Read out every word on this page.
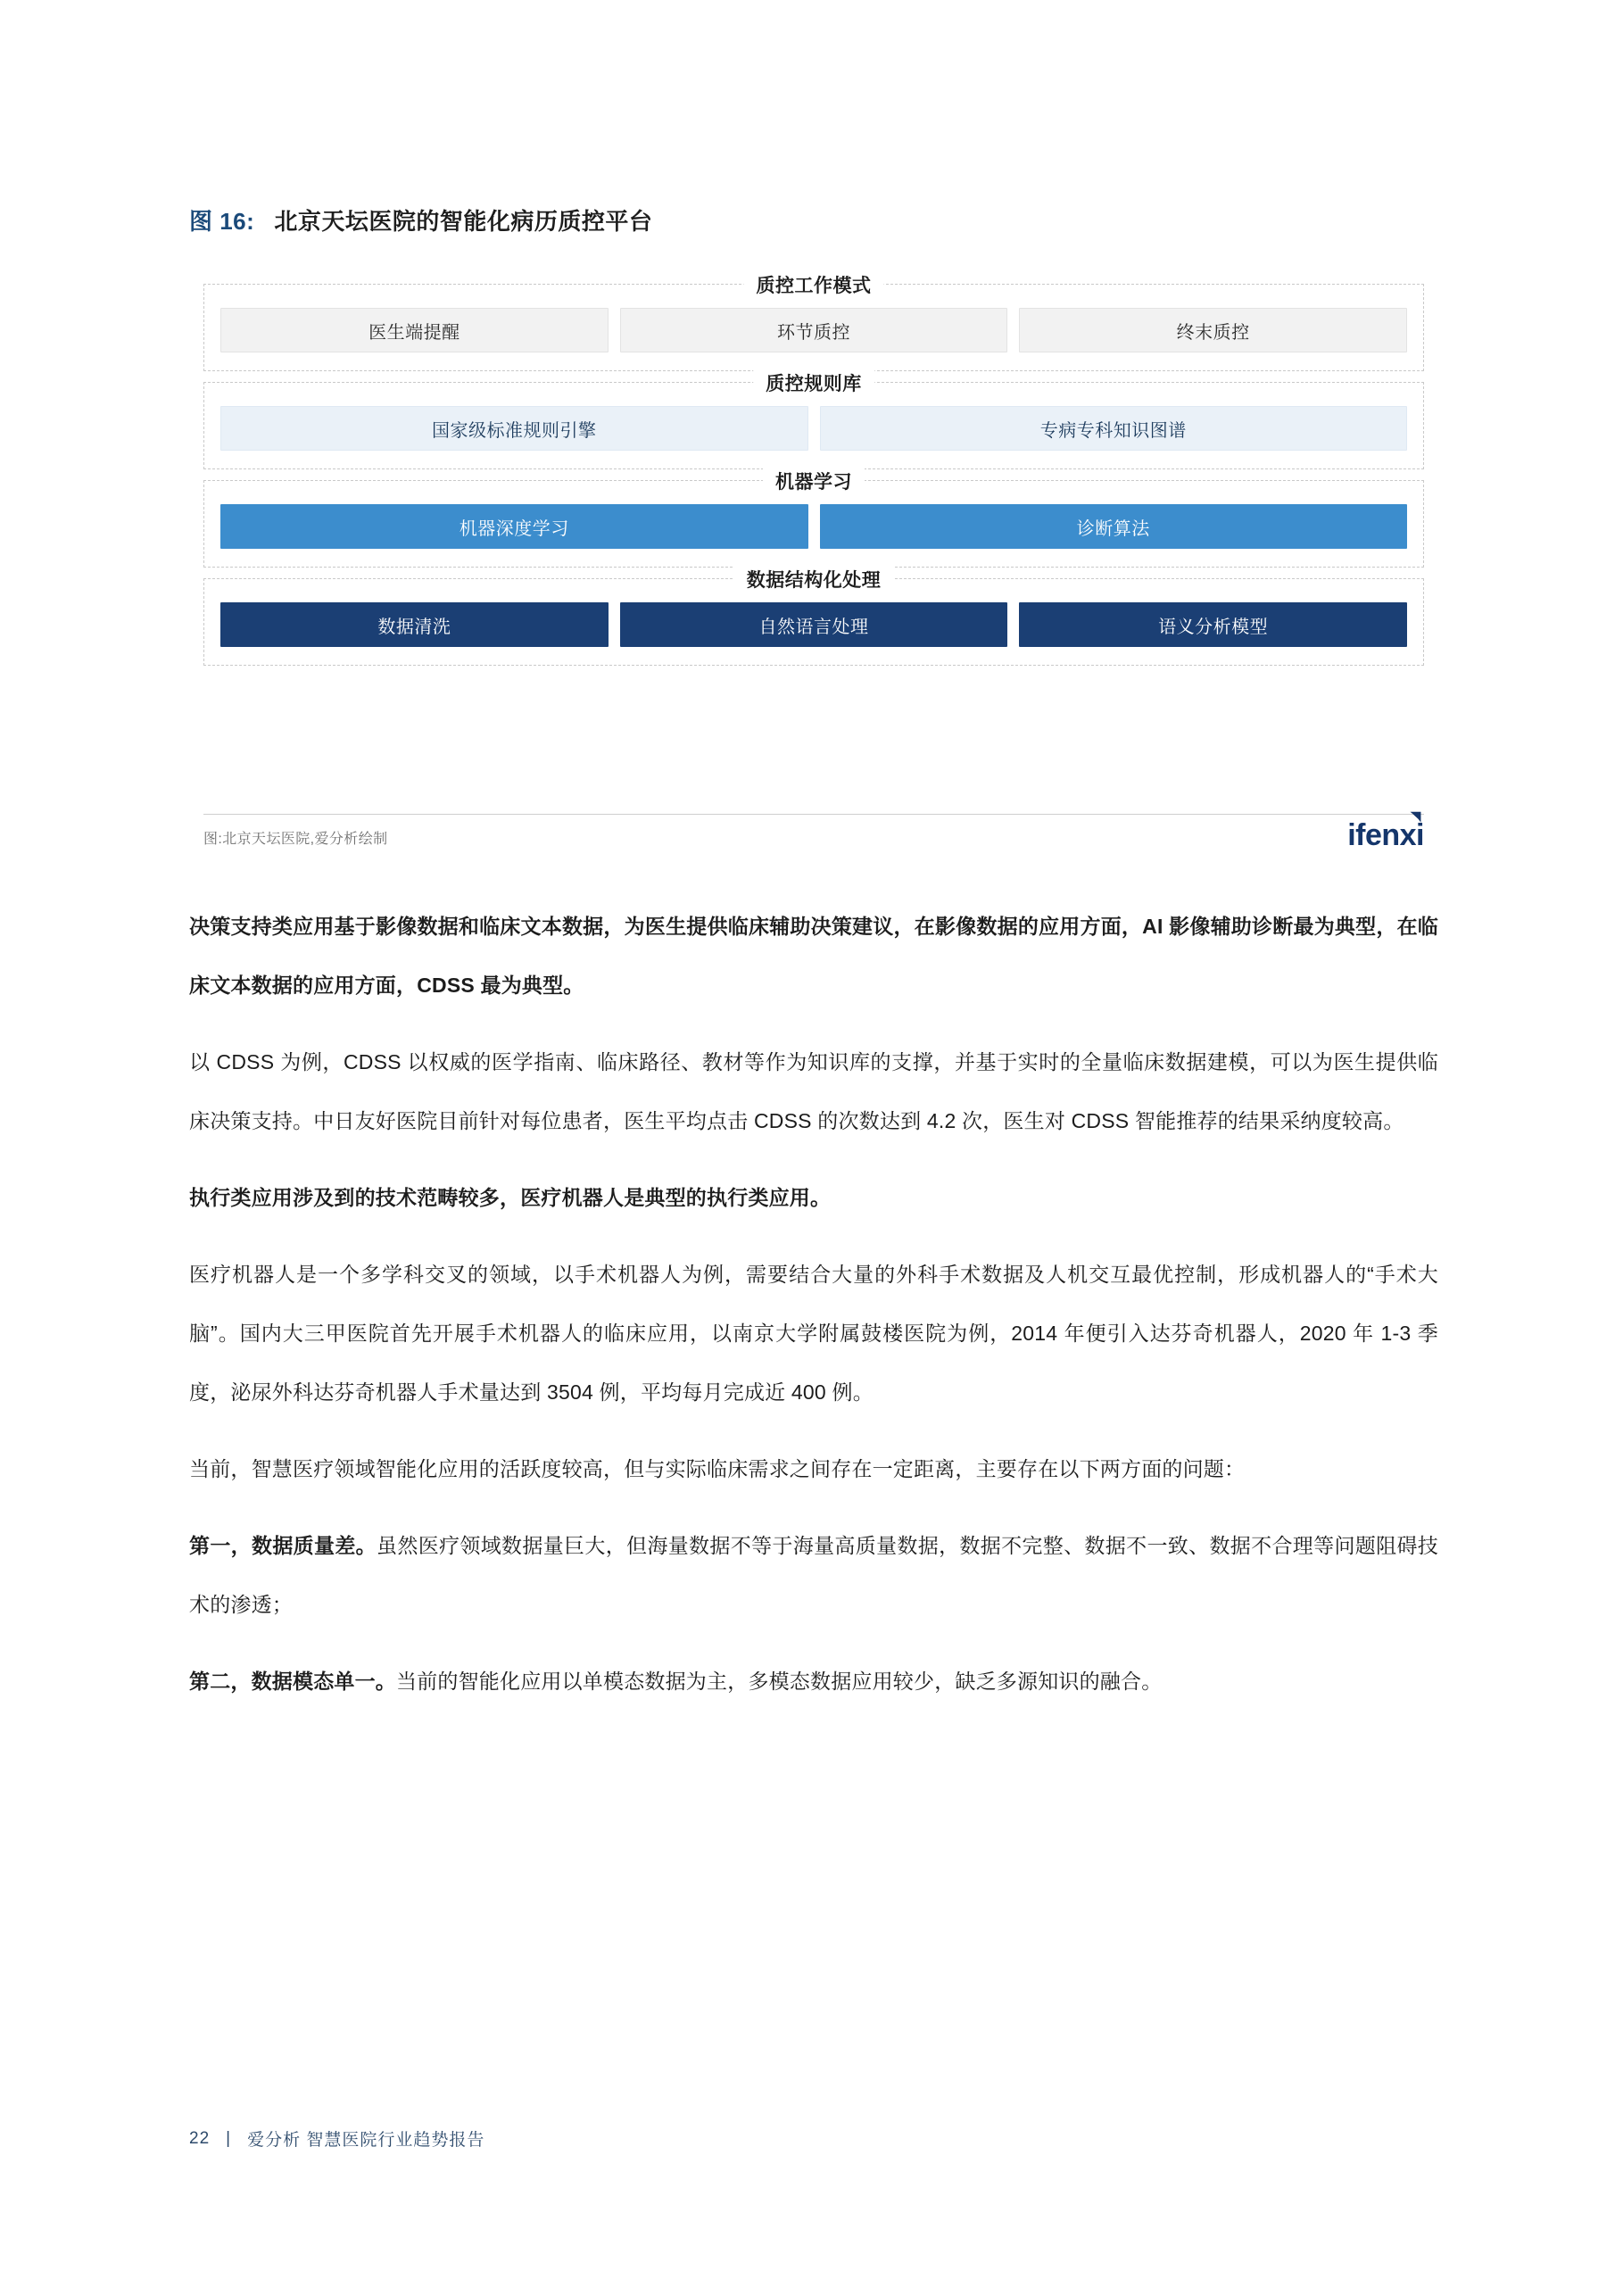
图 16: 北京天坛医院的智能化病历质控平台
质控工作模式
医生端提醒	环节质控	终末质控
质控规则库
国家级标准规则引擎	专病专科知识图谱
机器学习
机器深度学习	诊断算法
数据结构化处理
数据清洗	自然语言处理	语义分析模型
图:北京天坛医院,爱分析绘制	ifenxi

决策支持类应用基于影像数据和临床文本数据，为医生提供临床辅助决策建议，在影像数据的应用方面，AI 影像辅助诊断最为典型，在临床文本数据的应用方面，CDSS 最为典型。

以 CDSS 为例，CDSS 以权威的医学指南、临床路径、教材等作为知识库的支撑，并基于实时的全量临床数据建模，可以为医生提供临床决策支持。中日友好医院目前针对每位患者，医生平均点击 CDSS 的次数达到 4.2 次，医生对 CDSS 智能推荐的结果采纳度较高。

执行类应用涉及到的技术范畴较多，医疗机器人是典型的执行类应用。

医疗机器人是一个多学科交叉的领域，以手术机器人为例，需要结合大量的外科手术数据及人机交互最优控制，形成机器人的“手术大脑”。国内大三甲医院首先开展手术机器人的临床应用，以南京大学附属鼓楼医院为例，2014 年便引入达芬奇机器人，2020 年 1-3 季度，泌尿外科达芬奇机器人手术量达到 3504 例，平均每月完成近 400 例。

当前，智慧医疗领域智能化应用的活跃度较高，但与实际临床需求之间存在一定距离，主要存在以下两方面的问题：

第一，数据质量差。虽然医疗领域数据量巨大，但海量数据不等于海量高质量数据，数据不完整、数据不一致、数据不合理等问题阻碍技术的渗透；

第二，数据模态单一。当前的智能化应用以单模态数据为主，多模态数据应用较少，缺乏多源知识的融合。

22 | 爱分析 智慧医院行业趋势报告
